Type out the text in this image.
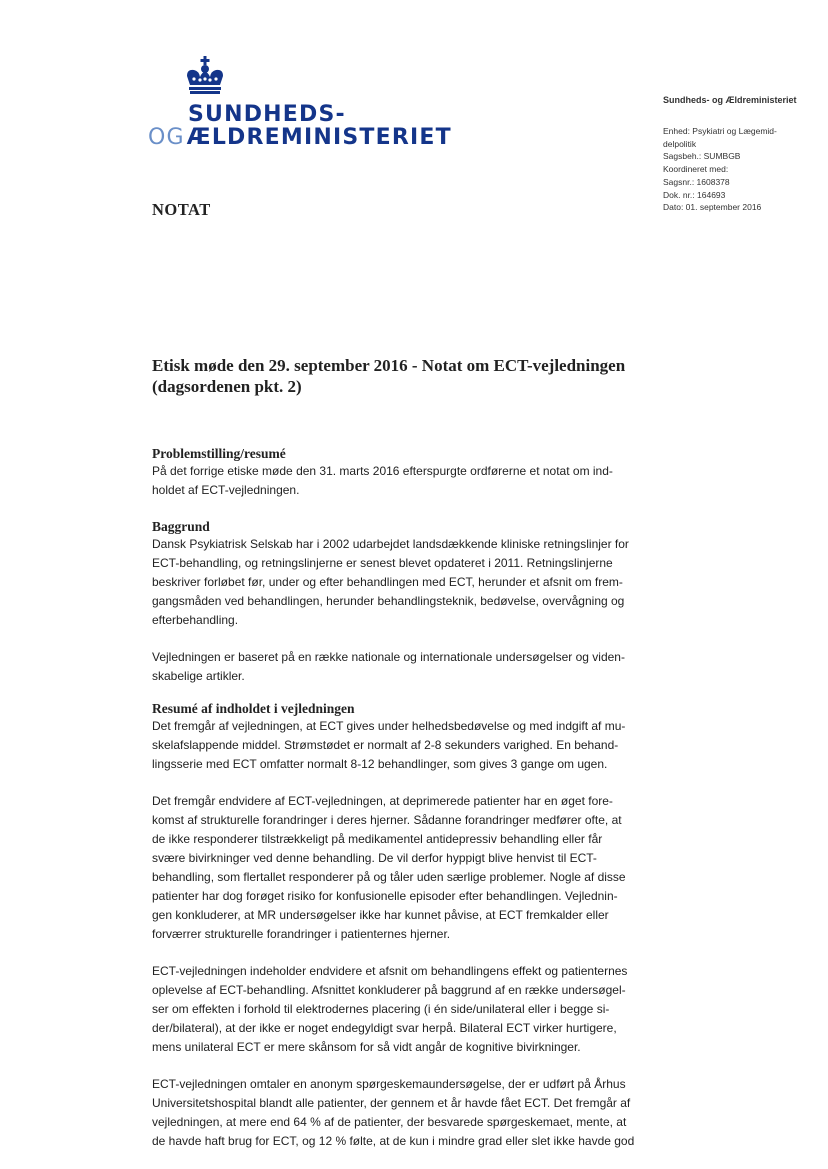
SUNDHEDS-
OGÆLDREMINISTERIET
Sundheds- og Ældreministeriet
Enhed: Psykiatri og Lægemid-
delpolitik
Sagsbeh.: SUMBGB
Koordineret med:
Sagsnr.: 1608378
Dok. nr.: 164693
Dato: 01. september 2016
NOTAT
Etisk møde den 29. september 2016 - Notat om ECT-vejledningen
(dagsordenen pkt. 2)
Problemstilling/resumé
På det forrige etiske møde den 31. marts 2016 efterspurgte ordførerne et notat om ind-
holdet af ECT-vejledningen.
Baggrund
Dansk Psykiatrisk Selskab har i 2002 udarbejdet landsdækkende kliniske retningslinjer for
ECT-behandling, og retningslinjerne er senest blevet opdateret i 2011. Retningslinjerne
beskriver forløbet før, under og efter behandlingen med ECT, herunder et afsnit om frem-
gangsmåden ved behandlingen, herunder behandlingsteknik, bedøvelse, overvågning og
efterbehandling.
Vejledningen er baseret på en række nationale og internationale undersøgelser og viden-
skabelige artikler.
Resumé af indholdet i vejledningen
Det fremgår af vejledningen, at ECT gives under helhedsbedøvelse og med indgift af mu-
skelafslappende middel. Strømstødet er normalt af 2-8 sekunders varighed. En behand-
lingsserie med ECT omfatter normalt 8-12 behandlinger, som gives 3 gange om ugen.
Det fremgår endvidere af ECT-vejledningen, at deprimerede patienter har en øget fore-
komst af strukturelle forandringer i deres hjerner. Sådanne forandringer medfører ofte, at
de ikke responderer tilstrækkeligt på medikamentel antidepressiv behandling eller får
svære bivirkninger ved denne behandling. De vil derfor hyppigt blive henvist til ECT-
behandling, som flertallet responderer på og tåler uden særlige problemer. Nogle af disse
patienter har dog forøget risiko for konfusionelle episoder efter behandlingen. Vejlednin-
gen konkluderer, at MR undersøgelser ikke har kunnet påvise, at ECT fremkalder eller
forværrer strukturelle forandringer i patienternes hjerner.
ECT-vejledningen indeholder endvidere et afsnit om behandlingens effekt og patienternes
oplevelse af ECT-behandling. Afsnittet konkluderer på baggrund af en række undersøgel-
ser om effekten i forhold til elektrodernes placering (i én side/unilateral eller i begge si-
der/bilateral), at der ikke er noget endegyldigt svar herpå. Bilateral ECT virker hurtigere,
mens unilateral ECT er mere skånsom for så vidt angår de kognitive bivirkninger.
ECT-vejledningen omtaler en anonym spørgeskemaundersøgelse, der er udført på Århus
Universitetshospital blandt alle patienter, der gennem et år havde fået ECT. Det fremgår af
vejledningen, at mere end 64 % af de patienter, der besvarede spørgeskemaet, mente, at
de havde haft brug for ECT, og 12 % følte, at de kun i mindre grad eller slet ikke havde god
